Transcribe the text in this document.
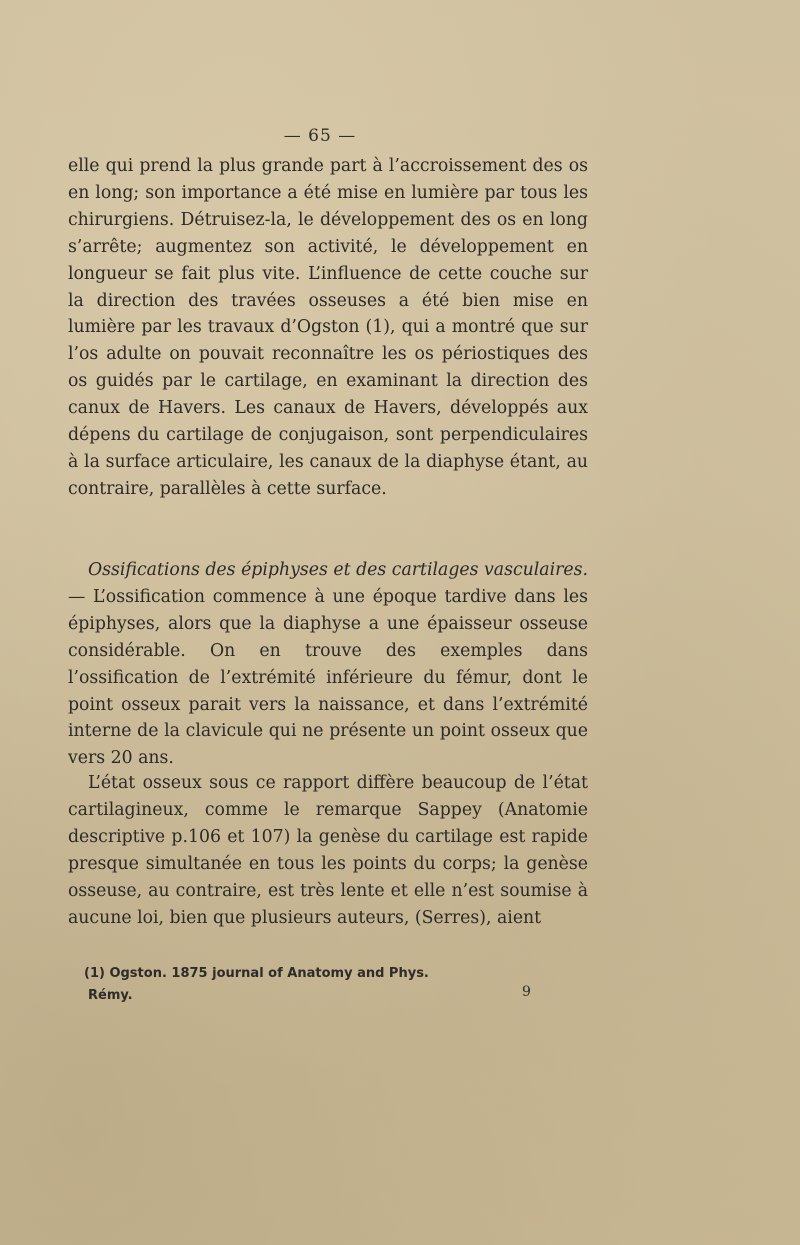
— 65 —

elle qui prend la plus grande part à l’accroissement des os en long; son importance a été mise en lumière par tous les chirurgiens. Détruisez-la, le développement des os en long s’arrête; augmentez son activité, le développement en longueur se fait plus vite. L’influence de cette couche sur la direction des travées osseuses a été bien mise en lumière par les travaux d’Ogston (1), qui a montré que sur l’os adulte on pouvait reconnaître les os périostiques des os guidés par le cartilage, en examinant la direction des canux de Havers. Les canaux de Havers, développés aux dépens du cartilage de conjugaison, sont perpendiculaires à la surface articulaire, les canaux de la diaphyse étant, au contraire, parallèles à cette surface.

Ossifications des épiphyses et des cartilages vasculaires. — L’ossification commence à une époque tardive dans les épiphyses, alors que la diaphyse a une épaisseur osseuse considérable. On en trouve des exemples dans l’ossification de l’extrémité inférieure du fémur, dont le point osseux parait vers la naissance, et dans l’extrémité interne de la clavicule qui ne présente un point osseux que vers 20 ans.

L’état osseux sous ce rapport diffère beaucoup de l’état cartilagineux, comme le remarque Sappey (Anatomie descriptive p.106 et 107) la genèse du cartilage est rapide presque simultanée en tous les points du corps; la genèse osseuse, au contraire, est très lente et elle n’est soumise à aucune loi, bien que plusieurs auteurs, (Serres), aient

(1) Ogston. 1875 journal of Anatomy and Phys.
Rémy.	9
